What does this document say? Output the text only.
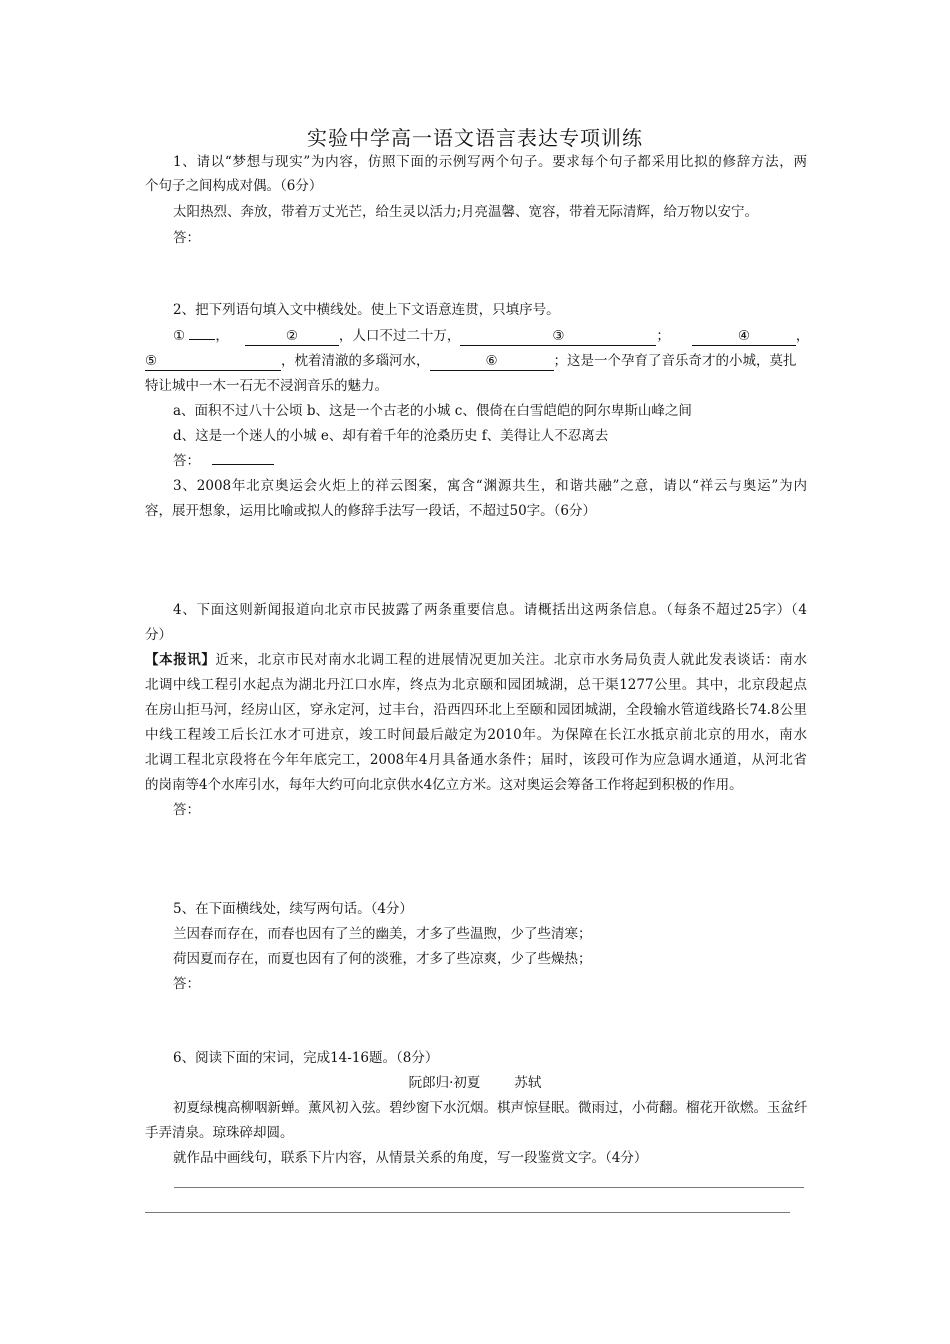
实验中学高一语文语言表达专项训练
1、请以“梦想与现实”为内容，仿照下面的示例写两个句子。要求每个句子都采用比拟的修辞方法，两
个句子之间构成对偶。（6分）
太阳热烈、奔放，带着万丈光芒，给生灵以活力;月亮温馨、宽容，带着无际清辉，给万物以安宁。
答：
2、把下列语句填入文中横线处。使上下文语意连贯，只填序号。
① ，	②	，人口不过二十万，	③	；	④	，
⑤	，枕着清澈的多瑙河水，	⑥	；这是一个孕育了音乐奇才的小城，莫扎
特让城中一木一石无不浸润音乐的魅力。
a、面积不过八十公顷 b、这是一个古老的小城 c、偎倚在白雪皑皑的阿尔卑斯山峰之间
d、这是一个迷人的小城 e、却有着千年的沧桑历史 f、美得让人不忍离去
答：
3、2008年北京奥运会火炬上的祥云图案，寓含“渊源共生，和谐共融”之意，请以“祥云与奥运”为内
容，展开想象，运用比喻或拟人的修辞手法写一段话，不超过50字。（6分）
4、下面这则新闻报道向北京市民披露了两条重要信息。请概括出这两条信息。（每条不超过25字）（4
分）
【本报讯】近来，北京市民对南水北调工程的进展情况更加关注。北京市水务局负责人就此发表谈话：南水
北调中线工程引水起点为湖北丹江口水库，终点为北京颐和园团城湖，总干渠1277公里。其中，北京段起点
在房山拒马河，经房山区，穿永定河，过丰台，沿西四环北上至颐和园团城湖，全段输水管道线路长74.8公里
中线工程竣工后长江水才可进京，竣工时间最后敲定为2010年。为保障在长江水抵京前北京的用水，南水
北调工程北京段将在今年年底完工，2008年4月具备通水条件；届时，该段可作为应急调水通道，从河北省
的岗南等4个水库引水，每年大约可向北京供水4亿立方米。这对奥运会筹备工作将起到积极的作用。
答：
5、在下面横线处，续写两句话。（4分）
兰因春而存在，而春也因有了兰的幽美，才多了些温煦，少了些清寒；
荷因夏而存在，而夏也因有了何的淡雅，才多了些凉爽，少了些燥热；
答：
6、阅读下面的宋词，完成14-16题。（8分）
阮郎归·初夏	苏轼
初夏绿槐高柳咽新蝉。薰风初入弦。碧纱窗下水沉烟。棋声惊昼眠。微雨过，小荷翻。榴花开欲燃。玉盆纤
手弄清泉。琼珠碎却圆。
就作品中画线句，联系下片内容，从情景关系的角度，写一段鉴赏文字。（4分）
